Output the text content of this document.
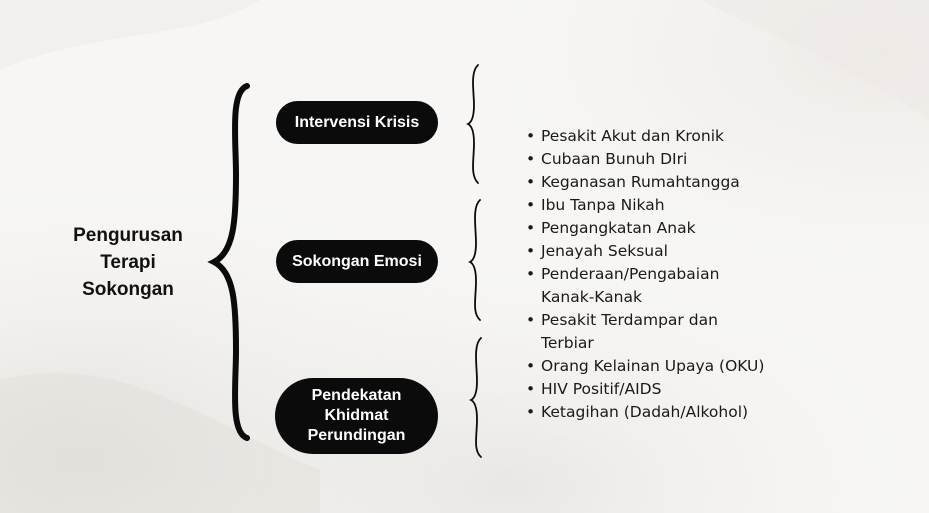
Pengurusan
Terapi
Sokongan
Intervensi Krisis
Sokongan Emosi
Pendekatan
Khidmat
Perundingan
• Pesakit Akut dan Kronik
• Cubaan Bunuh DIri
• Keganasan Rumahtangga
• Ibu Tanpa Nikah
• Pengangkatan Anak
• Jenayah Seksual
• Penderaan/Pengabaian
Kanak-Kanak
• Pesakit Terdampar dan
Terbiar
• Orang Kelainan Upaya (OKU)
• HIV Positif/AIDS
• Ketagihan (Dadah/Alkohol)
